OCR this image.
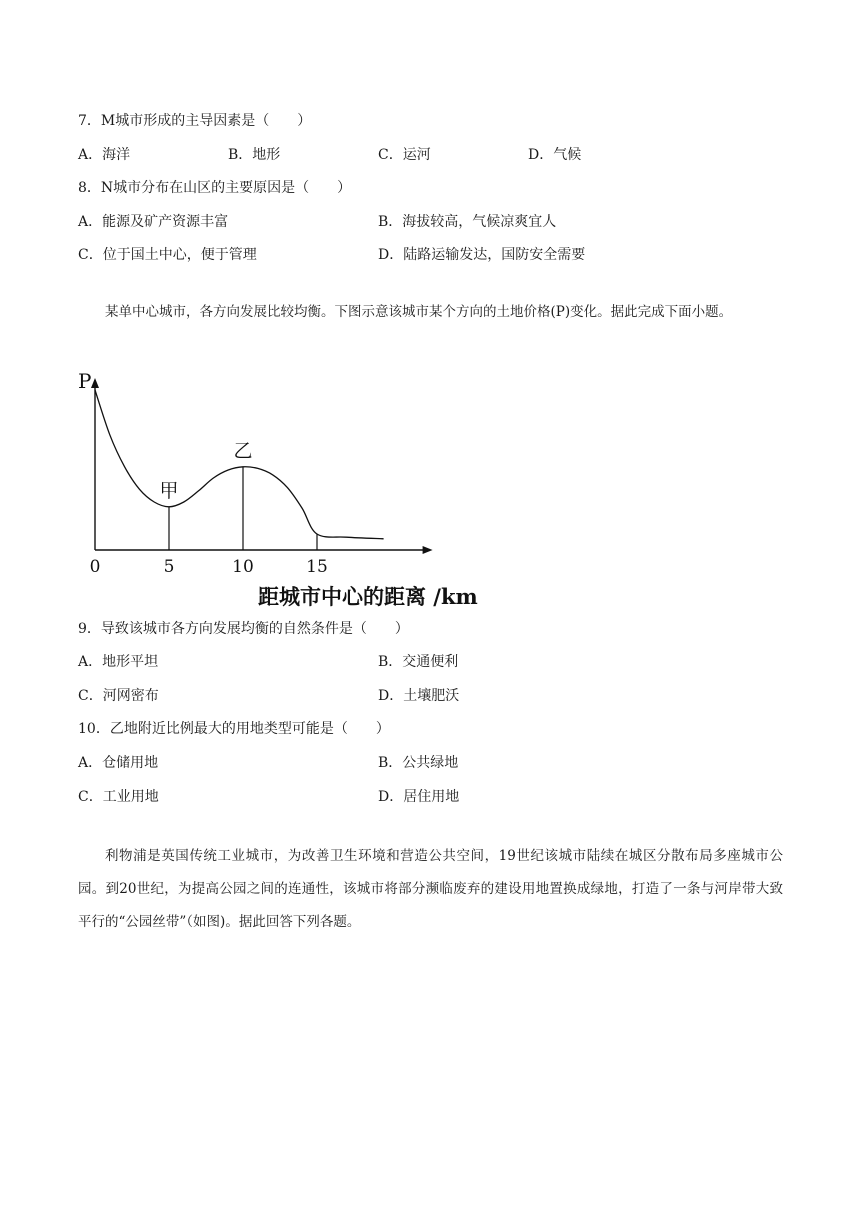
7．M城市形成的主导因素是（　　）
A．海洋	B．地形	C．运河	D．气候
8．N城市分布在山区的主要原因是（　　）
A．能源及矿产资源丰富	B．海拔较高，气候凉爽宜人
C．位于国土中心，便于管理	D．陆路运输发达，国防安全需要
某单中心城市，各方向发展比较均衡。下图示意该城市某个方向的土地价格(P)变化。据此完成下面小题。
P
0	5	10	15
甲
乙
距城市中心的距离 /km
9．导致该城市各方向发展均衡的自然条件是（　　）
A．地形平坦	B．交通便利
C．河网密布	D．土壤肥沃
10．乙地附近比例最大的用地类型可能是（　　）
A．仓储用地	B．公共绿地
C．工业用地	D．居住用地
利物浦是英国传统工业城市，为改善卫生环境和营造公共空间，19世纪该城市陆续在城区分散布局多座城市公园。到20世纪，为提高公园之间的连通性，该城市将部分濒临废弃的建设用地置换成绿地，打造了一条与河岸带大致平行的“公园丝带”（如图)。据此回答下列各题。
